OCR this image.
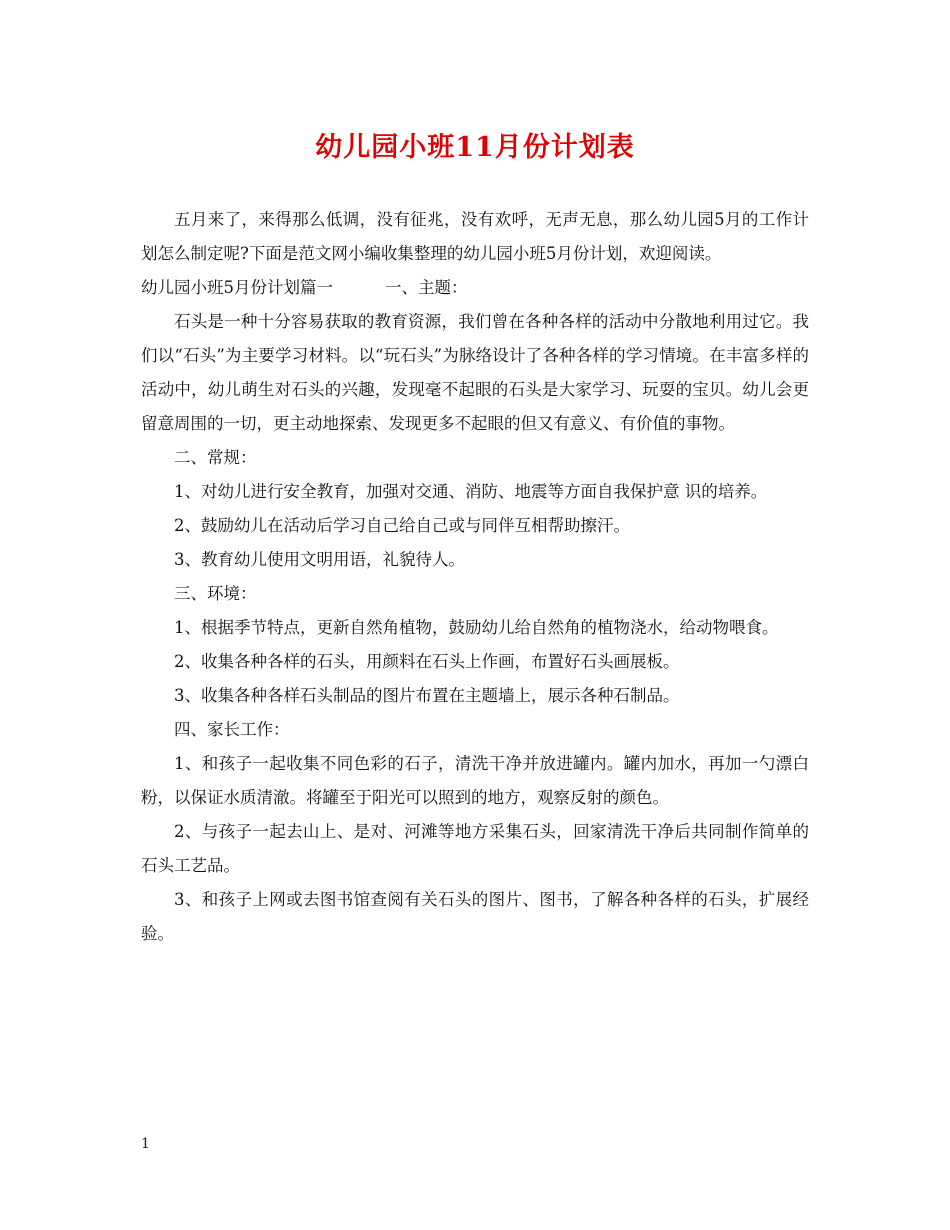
幼儿园小班11月份计划表

五月来了，来得那么低调，没有征兆，没有欢呼，无声无息，那么幼儿园5月的工作计划怎么制定呢?下面是范文网小编收集整理的幼儿园小班5月份计划，欢迎阅读。

幼儿园小班5月份计划篇一	一、主题：

石头是一种十分容易获取的教育资源，我们曾在各种各样的活动中分散地利用过它。我们以“石头”为主要学习材料。以“玩石头”为脉络设计了各种各样的学习情境。在丰富多样的活动中，幼儿萌生对石头的兴趣，发现毫不起眼的石头是大家学习、玩耍的宝贝。幼儿会更留意周围的一切，更主动地探索、发现更多不起眼的但又有意义、有价值的事物。

二、常规：

1、对幼儿进行安全教育，加强对交通、消防、地震等方面自我保护意 识的培养。

2、鼓励幼儿在活动后学习自己给自己或与同伴互相帮助擦汗。

3、教育幼儿使用文明用语，礼貌待人。

三、环境：

1、根据季节特点，更新自然角植物，鼓励幼儿给自然角的植物浇水，给动物喂食。

2、收集各种各样的石头，用颜料在石头上作画，布置好石头画展板。

3、收集各种各样石头制品的图片布置在主题墙上，展示各种石制品。

四、家长工作：

1、和孩子一起收集不同色彩的石子，清洗干净并放进罐内。罐内加水，再加一勺漂白粉，以保证水质清澈。将罐至于阳光可以照到的地方，观察反射的颜色。

2、与孩子一起去山上、是对、河滩等地方采集石头，回家清洗干净后共同制作简单的石头工艺品。

3、和孩子上网或去图书馆查阅有关石头的图片、图书，了解各种各样的石头，扩展经验。

1
